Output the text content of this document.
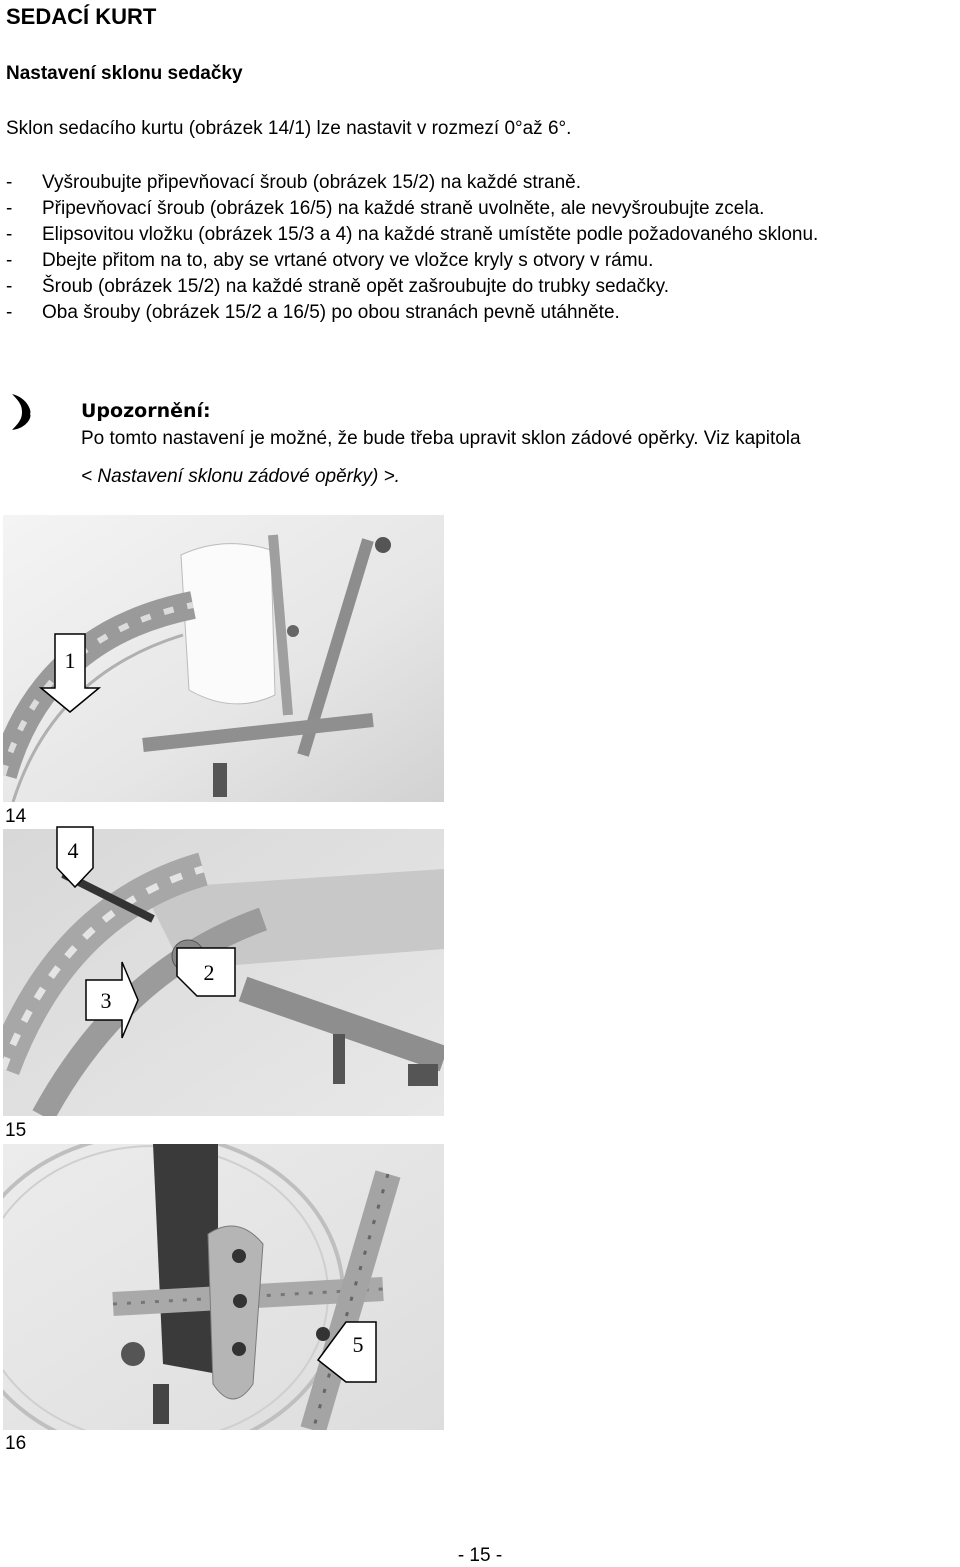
SEDACÍ KURT
Nastavení sklonu sedačky
Sklon sedacího kurtu (obrázek 14/1) lze nastavit v rozmezí 0°až 6°.
- Vyšroubujte připevňovací šroub (obrázek 15/2) na každé straně.
- Připevňovací šroub (obrázek 16/5) na každé straně uvolněte, ale nevyšroubujte zcela.
- Elipsovitou vložku (obrázek 15/3 a 4) na každé straně umístěte podle požadovaného sklonu.
- Dbejte přitom na to, aby se vrtané otvory ve vložce kryly s otvory v rámu.
- Šroub (obrázek 15/2) na každé straně opět zašroubujte do trubky sedačky.
- Oba šrouby (obrázek 15/2 a 16/5) po obou stranách pevně utáhněte.
Upozornění:
Po tomto nastavení je možné, že bude třeba upravit sklon zádové opěrky. Viz kapitola
< Nastavení sklonu zádové opěrky) >.
1
14
4
2
3
15
5
16
- 15 -
